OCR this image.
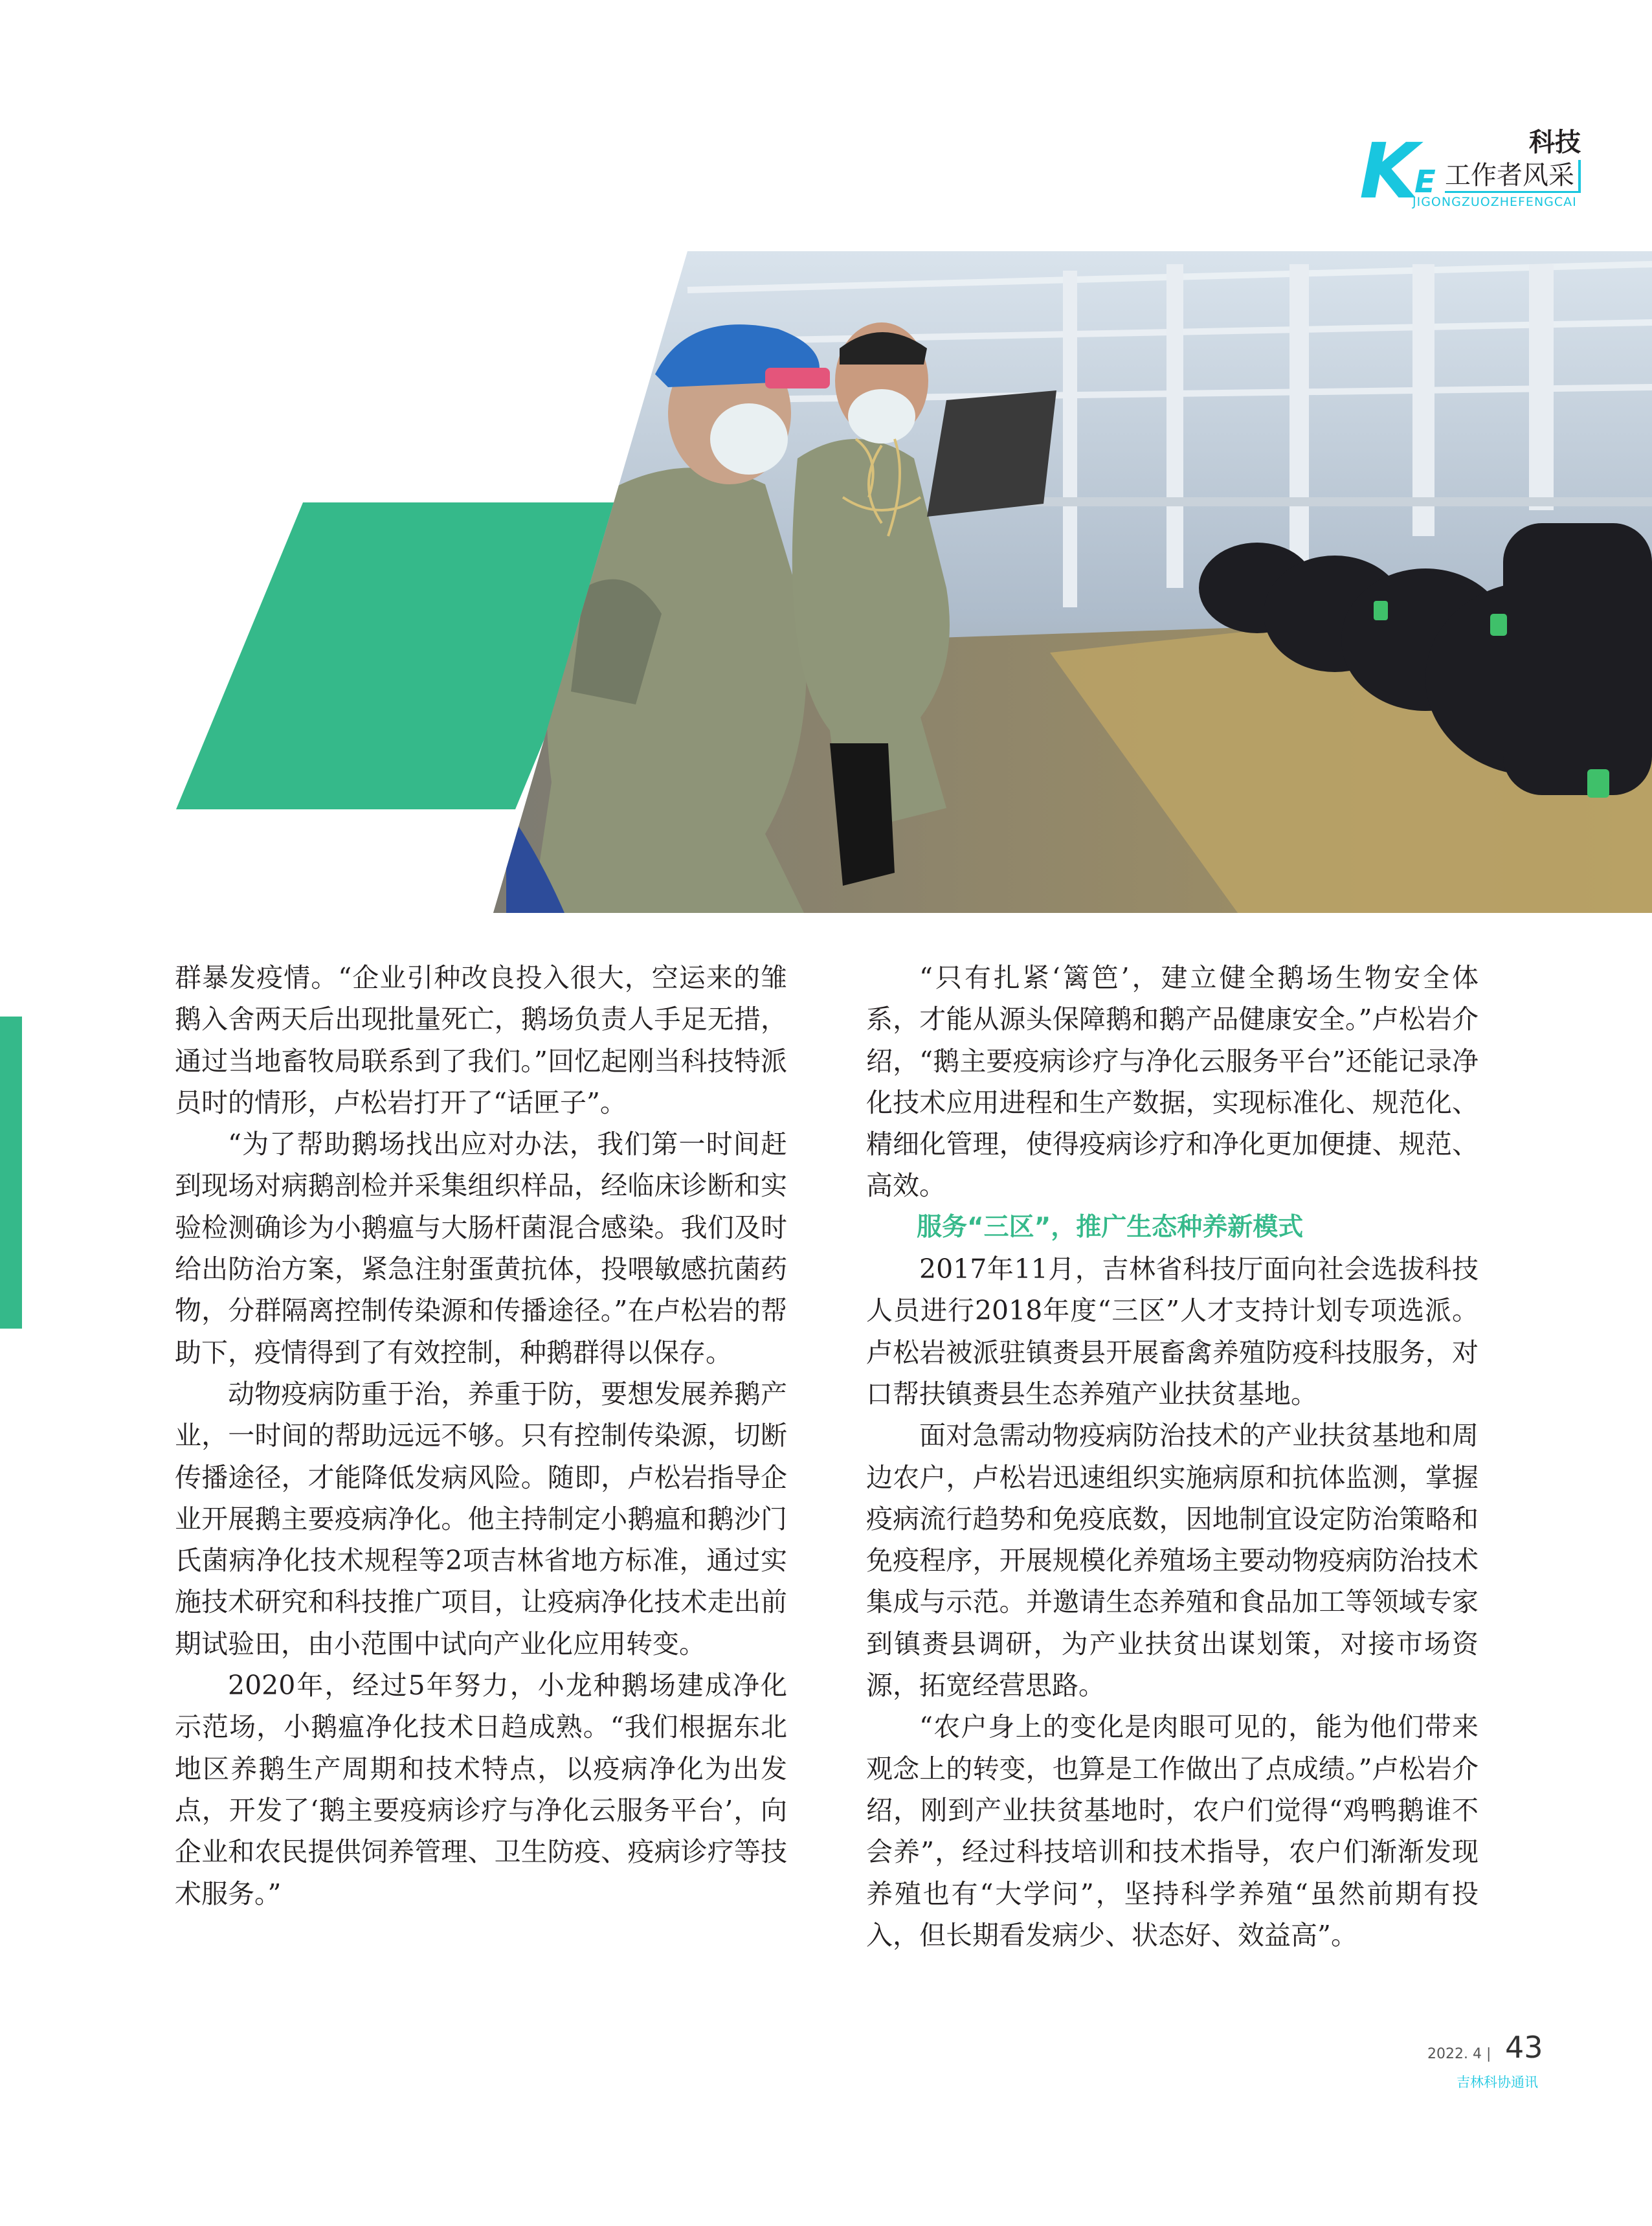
K
E
科技
工作者风采
JIGONGZUOZHEFENGCAI

群暴发疫情。“企业引种改良投入很大，空运来的雏鹅入舍两天后出现批量死亡，鹅场负责人手足无措，通过当地畜牧局联系到了我们。”回忆起刚当科技特派员时的情形，卢松岩打开了“话匣子”。

“为了帮助鹅场找出应对办法，我们第一时间赶到现场对病鹅剖检并采集组织样品，经临床诊断和实验检测确诊为小鹅瘟与大肠杆菌混合感染。我们及时给出防治方案，紧急注射蛋黄抗体，投喂敏感抗菌药物，分群隔离控制传染源和传播途径。”在卢松岩的帮助下，疫情得到了有效控制，种鹅群得以保存。

动物疫病防重于治，养重于防，要想发展养鹅产业，一时间的帮助远远不够。只有控制传染源，切断传播途径，才能降低发病风险。随即，卢松岩指导企业开展鹅主要疫病净化。他主持制定小鹅瘟和鹅沙门氏菌病净化技术规程等2项吉林省地方标准，通过实施技术研究和科技推广项目，让疫病净化技术走出前期试验田，由小范围中试向产业化应用转变。

2020年，经过5年努力，小龙种鹅场建成净化示范场，小鹅瘟净化技术日趋成熟。“我们根据东北地区养鹅生产周期和技术特点，以疫病净化为出发点，开发了‘鹅主要疫病诊疗与净化云服务平台’，向企业和农民提供饲养管理、卫生防疫、疫病诊疗等技术服务。”

“只有扎紧‘篱笆’，建立健全鹅场生物安全体系，才能从源头保障鹅和鹅产品健康安全。”卢松岩介绍，“鹅主要疫病诊疗与净化云服务平台”还能记录净化技术应用进程和生产数据，实现标准化、规范化、精细化管理，使得疫病诊疗和净化更加便捷、规范、高效。

服务“三区”，推广生态种养新模式

2017年11月，吉林省科技厅面向社会选拔科技人员进行2018年度“三区”人才支持计划专项选派。卢松岩被派驻镇赉县开展畜禽养殖防疫科技服务，对口帮扶镇赉县生态养殖产业扶贫基地。

面对急需动物疫病防治技术的产业扶贫基地和周边农户，卢松岩迅速组织实施病原和抗体监测，掌握疫病流行趋势和免疫底数，因地制宜设定防治策略和免疫程序，开展规模化养殖场主要动物疫病防治技术集成与示范。并邀请生态养殖和食品加工等领域专家到镇赉县调研，为产业扶贫出谋划策，对接市场资源，拓宽经营思路。

“农户身上的变化是肉眼可见的，能为他们带来观念上的转变，也算是工作做出了点成绩。”卢松岩介绍，刚到产业扶贫基地时，农户们觉得“鸡鸭鹅谁不会养”，经过科技培训和技术指导，农户们渐渐发现养殖也有“大学问”，坚持科学养殖“虽然前期有投入，但长期看发病少、状态好、效益高”。

2022. 4 | 43
吉林科协通讯
